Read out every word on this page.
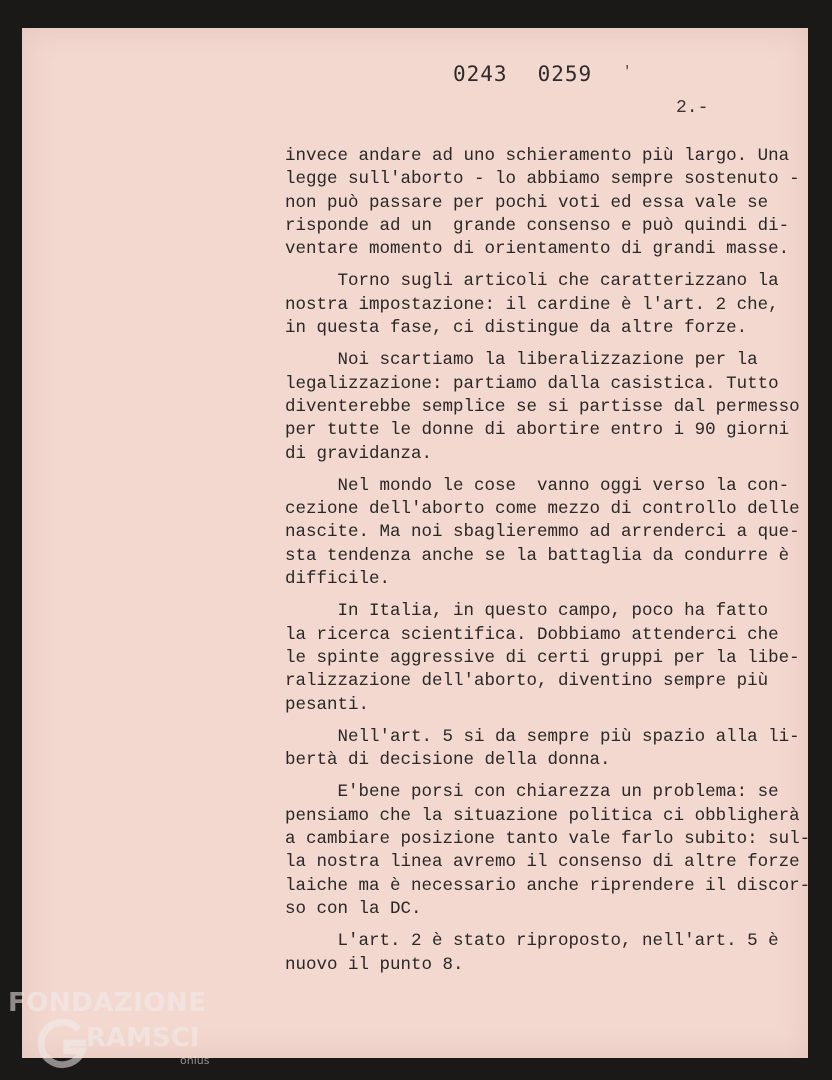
0243 0259 '
2.-
invece andare ad uno schieramento più largo. Una
legge sull'aborto - lo abbiamo sempre sostenuto -
non può passare per pochi voti ed essa vale se
risponde ad un  grande consenso e può quindi di-
ventare momento di orientamento di grandi masse.
Torno sugli articoli che caratterizzano la
nostra impostazione: il cardine è l'art. 2 che,
in questa fase, ci distingue da altre forze.
Noi scartiamo la liberalizzazione per la
legalizzazione: partiamo dalla casistica. Tutto
diventerebbe semplice se si partisse dal permesso
per tutte le donne di abortire entro i 90 giorni
di gravidanza.
Nel mondo le cose  vanno oggi verso la con-
cezione dell'aborto come mezzo di controllo delle
nascite. Ma noi sbaglieremmo ad arrenderci a que-
sta tendenza anche se la battaglia da condurre è
difficile.
In Italia, in questo campo, poco ha fatto
la ricerca scientifica. Dobbiamo attenderci che
le spinte aggressive di certi gruppi per la libe-
ralizzazione dell'aborto, diventino sempre più
pesanti.
Nell'art. 5 si da sempre più spazio alla li-
bertà di decisione della donna.
E'bene porsi con chiarezza un problema: se
pensiamo che la situazione politica ci obbligherà
a cambiare posizione tanto vale farlo subito: sul-
la nostra linea avremo il consenso di altre forze
laiche ma è necessario anche riprendere il discor-
so con la DC.
L'art. 2 è stato riproposto, nell'art. 5 è
nuovo il punto 8.
FONDAZIONE
RAMSCI
onlus
